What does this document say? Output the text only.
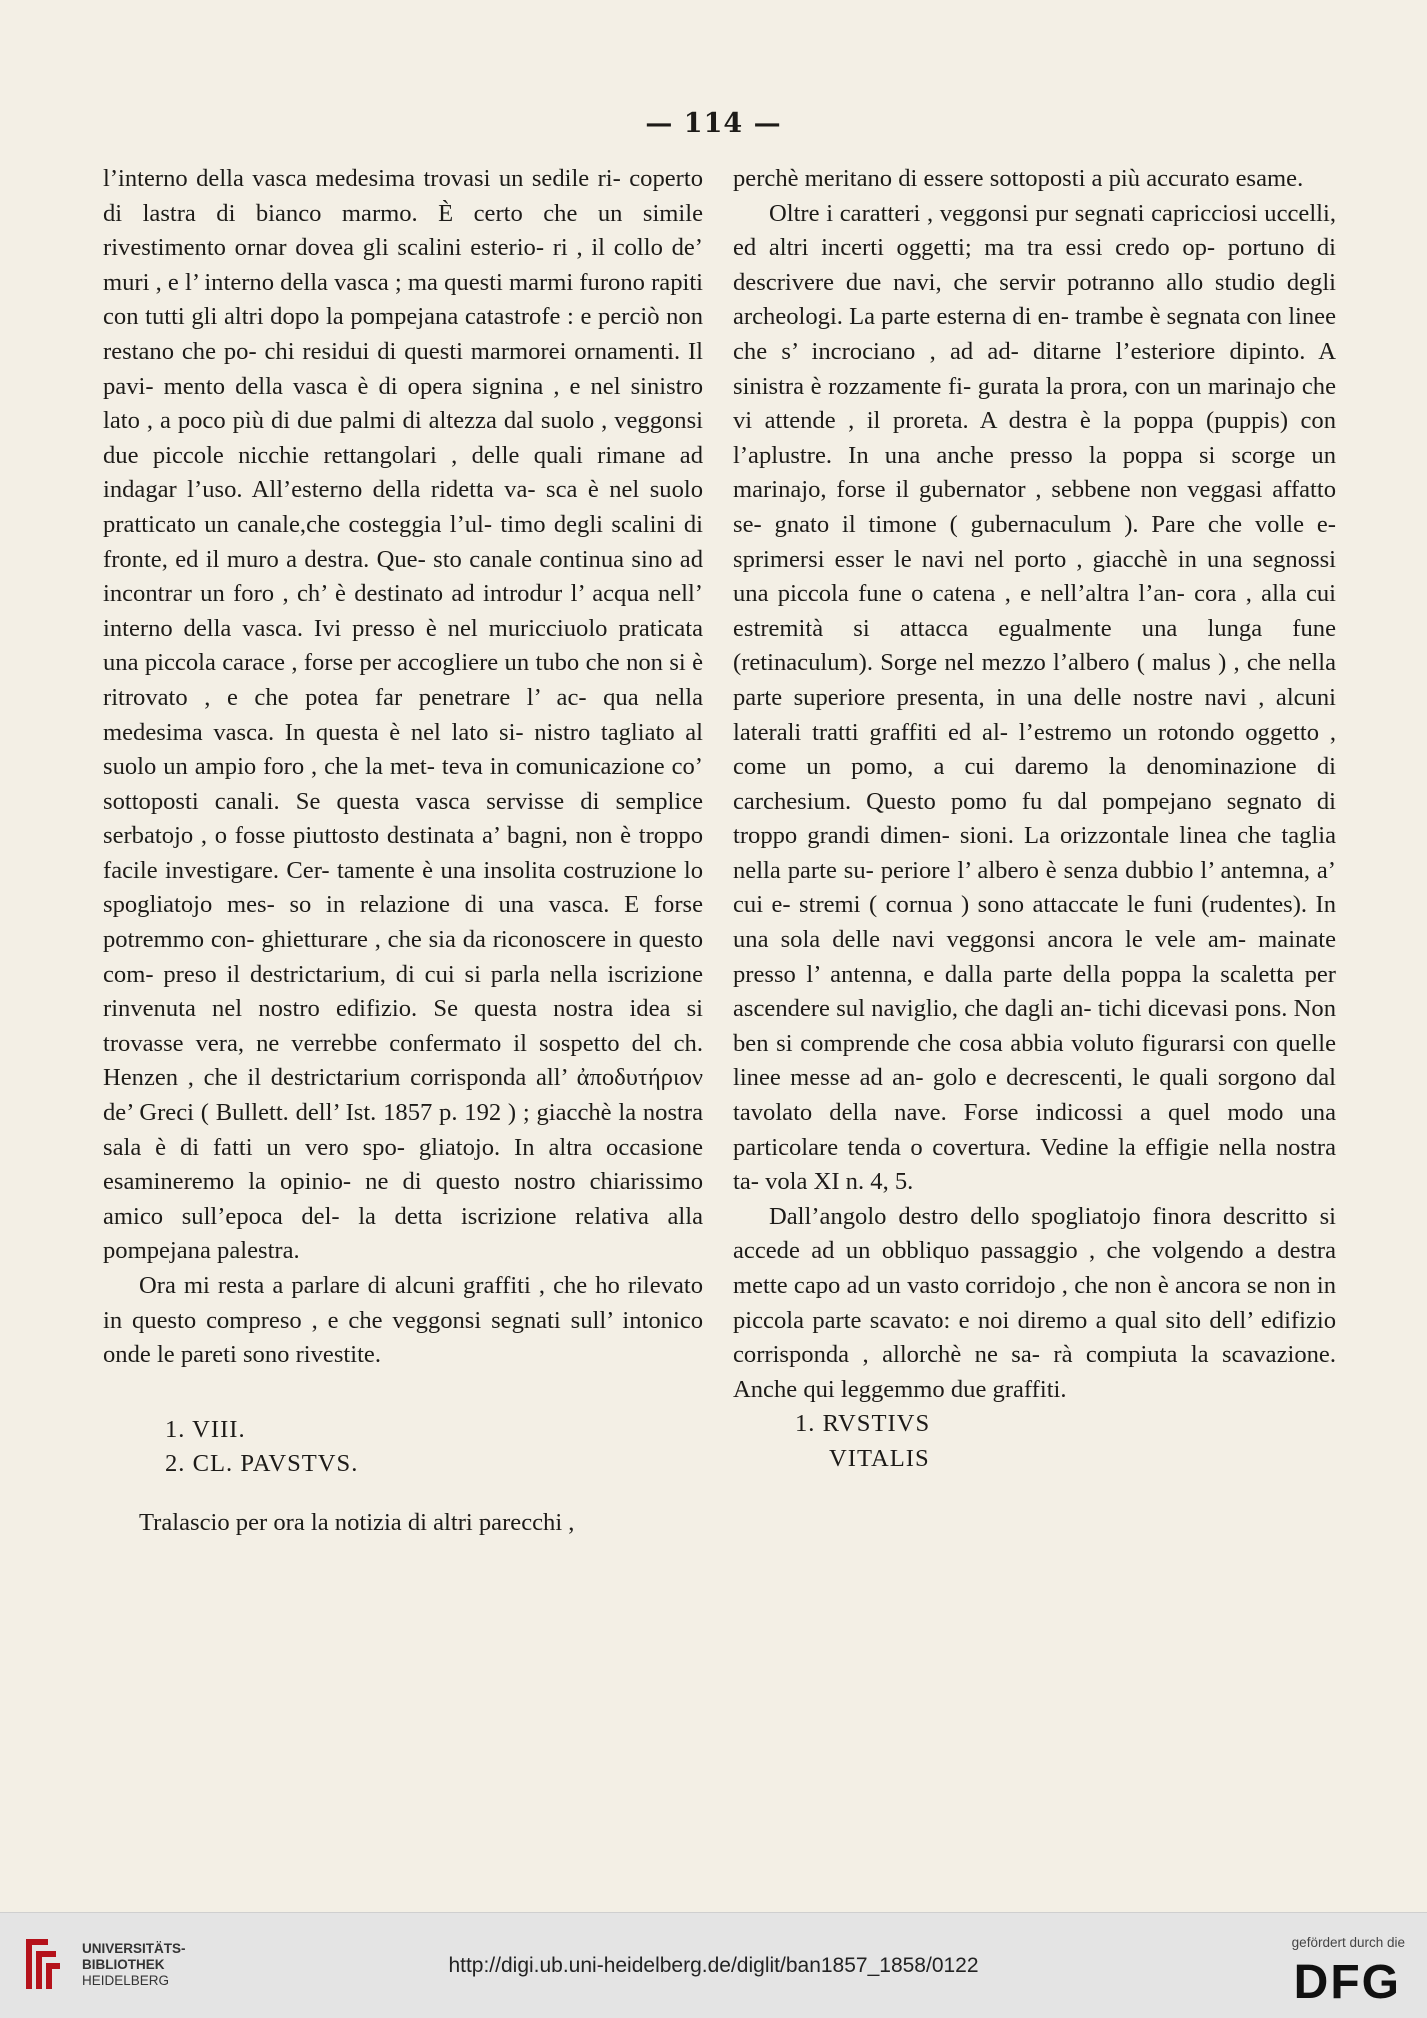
— 114 —

l’interno della vasca medesima trovasi un sedile ri- coperto di lastra di bianco marmo. È certo che un simile rivestimento ornar dovea gli scalini esterio- ri , il collo de’ muri , e l’ interno della vasca ; ma questi marmi furono rapiti con tutti gli altri dopo la pompejana catastrofe : e perciò non restano che po- chi residui di questi marmorei ornamenti. Il pavi- mento della vasca è di opera signina , e nel sinistro lato , a poco più di due palmi di altezza dal suolo , veggonsi due piccole nicchie rettangolari , delle quali rimane ad indagar l’uso. All’esterno della ridetta va- sca è nel suolo pratticato un canale,che costeggia l’ul- timo degli scalini di fronte, ed il muro a destra. Que- sto canale continua sino ad incontrar un foro , ch’ è destinato ad introdur l’ acqua nell’ interno della vasca. Ivi presso è nel muricciuolo praticata una piccola carace , forse per accogliere un tubo che non si è ritrovato , e che potea far penetrare l’ ac- qua nella medesima vasca. In questa è nel lato si- nistro tagliato al suolo un ampio foro , che la met- teva in comunicazione co’ sottoposti canali. Se questa vasca servisse di semplice serbatojo , o fosse piuttosto destinata a’ bagni, non è troppo facile investigare. Cer- tamente è una insolita costruzione lo spogliatojo mes- so in relazione di una vasca. E forse potremmo con- ghietturare , che sia da riconoscere in questo com- preso il destrictarium, di cui si parla nella iscrizione rinvenuta nel nostro edifizio. Se questa nostra idea si trovasse vera, ne verrebbe confermato il sospetto del ch. Henzen , che il destrictarium corrisponda all’ ἀποδυτήριον de’ Greci ( Bullett. dell’ Ist. 1857 p. 192 ) ; giacchè la nostra sala è di fatti un vero spo- gliatojo. In altra occasione esamineremo la opinio- ne di questo nostro chiarissimo amico sull’epoca del- la detta iscrizione relativa alla pompejana palestra.

Ora mi resta a parlare di alcuni graffiti , che ho rilevato in questo compreso , e che veggonsi segnati sull’ intonico onde le pareti sono rivestite.

1. VIII.
2. CL. PAVSTVS.

Tralascio per ora la notizia di altri parecchi ,

perchè meritano di essere sottoposti a più accurato esame.

Oltre i caratteri , veggonsi pur segnati capricciosi uccelli, ed altri incerti oggetti; ma tra essi credo op- portuno di descrivere due navi, che servir potranno allo studio degli archeologi. La parte esterna di en- trambe è segnata con linee che s’ incrociano , ad ad- ditarne l’esteriore dipinto. A sinistra è rozzamente fi- gurata la prora, con un marinajo che vi attende , il proreta. A destra è la poppa (puppis) con l’aplustre. In una anche presso la poppa si scorge un marinajo, forse il gubernator , sebbene non veggasi affatto se- gnato il timone ( gubernaculum ). Pare che volle e- sprimersi esser le navi nel porto , giacchè in una segnossi una piccola fune o catena , e nell’altra l’an- cora , alla cui estremità si attacca egualmente una lunga fune (retinaculum). Sorge nel mezzo l’albero ( malus ) , che nella parte superiore presenta, in una delle nostre navi , alcuni laterali tratti graffiti ed al- l’estremo un rotondo oggetto , come un pomo, a cui daremo la denominazione di carchesium. Questo pomo fu dal pompejano segnato di troppo grandi dimen- sioni. La orizzontale linea che taglia nella parte su- periore l’ albero è senza dubbio l’ antemna, a’ cui e- stremi ( cornua ) sono attaccate le funi (rudentes). In una sola delle navi veggonsi ancora le vele am- mainate presso l’ antenna, e dalla parte della poppa la scaletta per ascendere sul naviglio, che dagli an- tichi dicevasi pons. Non ben si comprende che cosa abbia voluto figurarsi con quelle linee messe ad an- golo e decrescenti, le quali sorgono dal tavolato della nave. Forse indicossi a quel modo una particolare tenda o covertura. Vedine la effigie nella nostra ta- vola XI n. 4, 5.

Dall’angolo destro dello spogliatojo finora descritto si accede ad un obbliquo passaggio , che volgendo a destra mette capo ad un vasto corridojo , che non è ancora se non in piccola parte scavato: e noi diremo a qual sito dell’ edifizio corrisponda , allorchè ne sa- rà compiuta la scavazione. Anche qui leggemmo due graffiti.

1. RVSTIVS
VITALIS
UNIVERSITÄTS-
BIBLIOTHEK
HEIDELBERG
http://digi.ub.uni-heidelberg.de/diglit/ban1857_1858/0122
gefördert durch die
DFG
